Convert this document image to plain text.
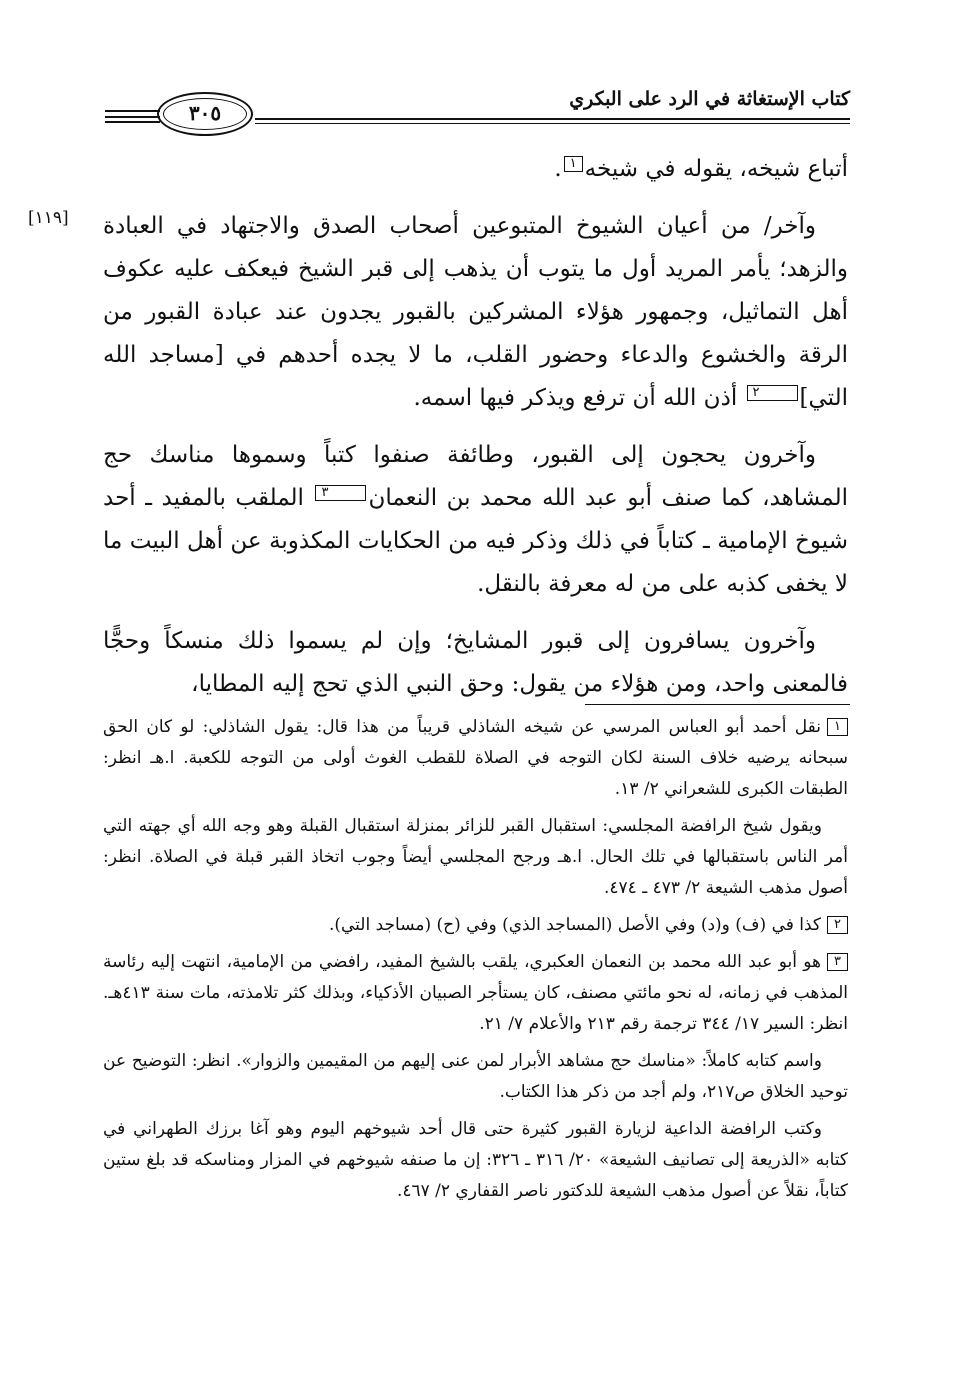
كتاب الإستغاثة في الرد على البكري
٣٠٥
[١١٩]

أتباع شيخه، يقوله في شيخه١.

وآخر/ من أعيان الشيوخ المتبوعين أصحاب الصدق والاجتهاد في العبادة والزهد؛ يأمر المريد أول ما يتوب أن يذهب إلى قبر الشيخ فيعكف عليه عكوف أهل التماثيل، وجمهور هؤلاء المشركين بالقبور يجدون عند عبادة القبور من الرقة والخشوع والدعاء وحضور القلب، ما لا يجده أحدهم في [مساجد الله التي]٢ أذن الله أن ترفع ويذكر فيها اسمه.

وآخرون يحجون إلى القبور، وطائفة صنفوا كتباً وسموها مناسك حج المشاهد، كما صنف أبو عبد الله محمد بن النعمان٣ الملقب بالمفيد ـ أحد شيوخ الإمامية ـ كتاباً في ذلك وذكر فيه من الحكايات المكذوبة عن أهل البيت ما لا يخفى كذبه على من له معرفة بالنقل.

وآخرون يسافرون إلى قبور المشايخ؛ وإن لم يسموا ذلك منسكاً وحجًّا فالمعنى واحد، ومن هؤلاء من يقول: وحق النبي الذي تحج إليه المطايا،

١نقل أحمد أبو العباس المرسي عن شيخه الشاذلي قريباً من هذا قال: يقول الشاذلي: لو كان الحق سبحانه يرضيه خلاف السنة لكان التوجه في الصلاة للقطب الغوث أولى من التوجه للكعبة. ا.هـ انظر: الطبقات الكبرى للشعراني ٢/ ١٣.

ويقول شيخ الرافضة المجلسي: استقبال القبر للزائر بمنزلة استقبال القبلة وهو وجه الله أي جهته التي أمر الناس باستقبالها في تلك الحال. ا.هـ ورجح المجلسي أيضاً وجوب اتخاذ القبر قبلة في الصلاة. انظر: أصول مذهب الشيعة ٢/ ٤٧٣ ـ ٤٧٤.

٢كذا في (ف) و(د) وفي الأصل (المساجد الذي) وفي (ح) (مساجد التي).

٣هو أبو عبد الله محمد بن النعمان العكبري، يلقب بالشيخ المفيد، رافضي من الإمامية، انتهت إليه رئاسة المذهب في زمانه، له نحو مائتي مصنف، كان يستأجر الصبيان الأذكياء، وبذلك كثر تلامذته، مات سنة ٤١٣هـ. انظر: السير ١٧/ ٣٤٤ ترجمة رقم ٢١٣ والأعلام ٧/ ٢١.

واسم كتابه كاملاً: «مناسك حج مشاهد الأبرار لمن عنى إليهم من المقيمين والزوار». انظر: التوضيح عن توحيد الخلاق ص٢١٧، ولم أجد من ذكر هذا الكتاب.

وكتب الرافضة الداعية لزيارة القبور كثيرة حتى قال أحد شيوخهم اليوم وهو آغا برزك الطهراني في كتابه «الذريعة إلى تصانيف الشيعة» ٢٠/ ٣١٦ ـ ٣٢٦: إن ما صنفه شيوخهم في المزار ومناسكه قد بلغ ستين كتاباً، نقلاً عن أصول مذهب الشيعة للدكتور ناصر القفاري ٢/ ٤٦٧.
